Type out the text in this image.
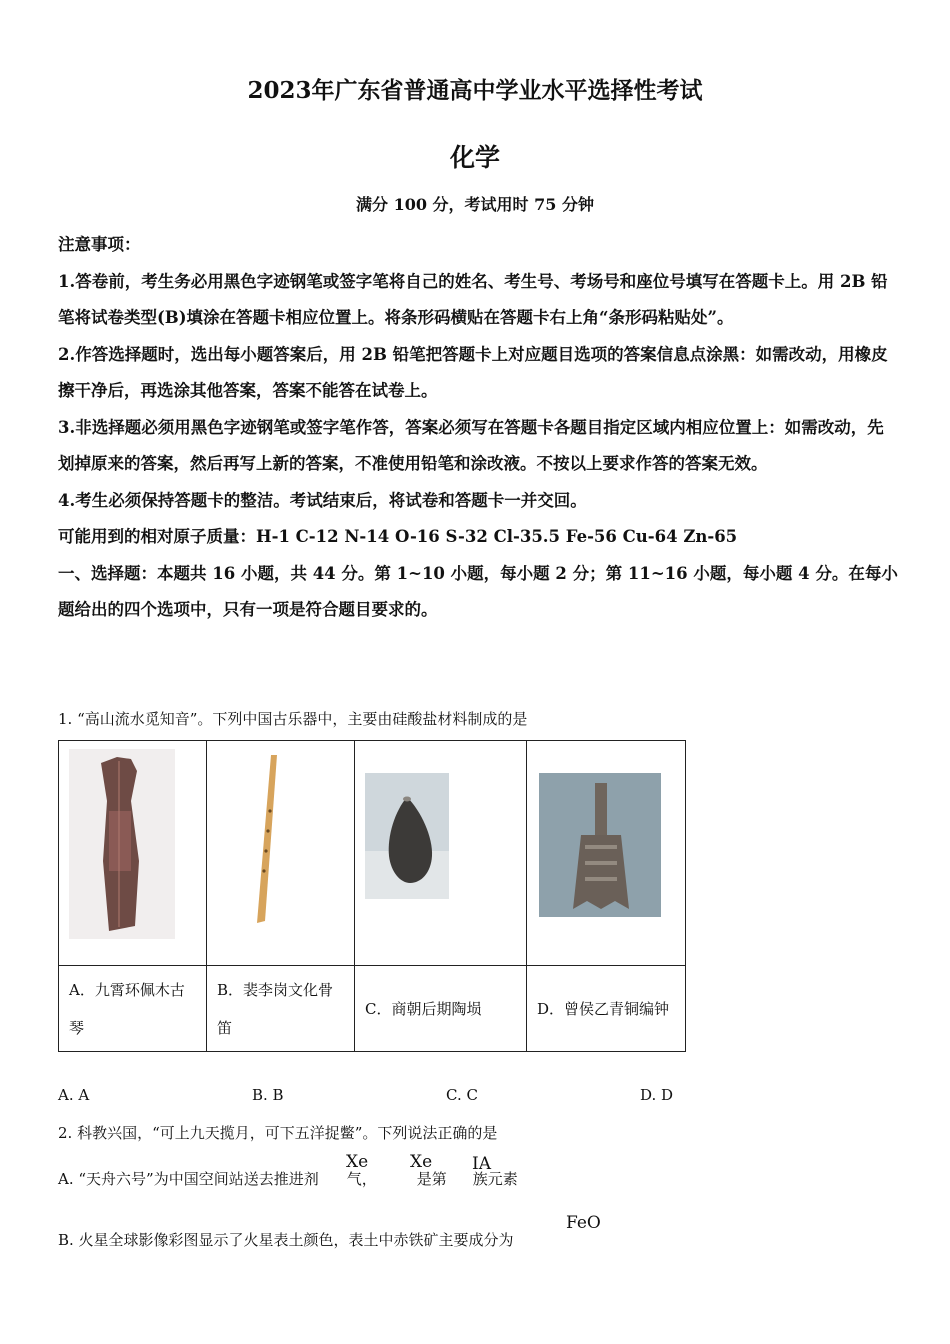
2023年广东省普通高中学业水平选择性考试
化学
满分 100 分，考试用时 75 分钟

注意事项：

1.答卷前，考生务必用黑色字迹钢笔或签字笔将自己的姓名、考生号、考场号和座位号填写在答题卡上。用 2B 铅笔将试卷类型(B)填涂在答题卡相应位置上。将条形码横贴在答题卡右上角“条形码粘贴处”。

2.作答选择题时，选出每小题答案后，用 2B 铅笔把答题卡上对应题目选项的答案信息点涂黑：如需改动，用橡皮擦干净后，再选涂其他答案，答案不能答在试卷上。

3.非选择题必须用黑色字迹钢笔或签字笔作答，答案必须写在答题卡各题目指定区域内相应位置上：如需改动，先划掉原来的答案，然后再写上新的答案，不准使用铅笔和涂改液。不按以上要求作答的答案无效。

4.考生必须保持答题卡的整洁。考试结束后，将试卷和答题卡一并交回。

可能用到的相对原子质量：H-1 C-12 N-14 O-16 S-32 Cl-35.5 Fe-56 Cu-64 Zn-65

一、选择题：本题共 16 小题，共 44 分。第 1~10 小题，每小题 2 分；第 11~16 小题，每小题 4 分。在每小题给出的四个选项中，只有一项是符合题目要求的。

1. “高山流水觅知音”。下列中国古乐器中，主要由硅酸盐材料制成的是

A．九霄环佩木古琴	B．裴李岗文化骨笛	C．商朝后期陶埙	D．曾侯乙青铜编钟
A. A	B. B	C. C	D. D
2. 科教兴国，“可上九天揽月，可下五洋捉鳖”。下列说法正确的是
A. “天舟六号”为中国空间站送去推进剂 气，	是第 族元素
Xe Xe IA
B. 火星全球影像彩图显示了火星表土颜色，表土中赤铁矿主要成分为
FeO
